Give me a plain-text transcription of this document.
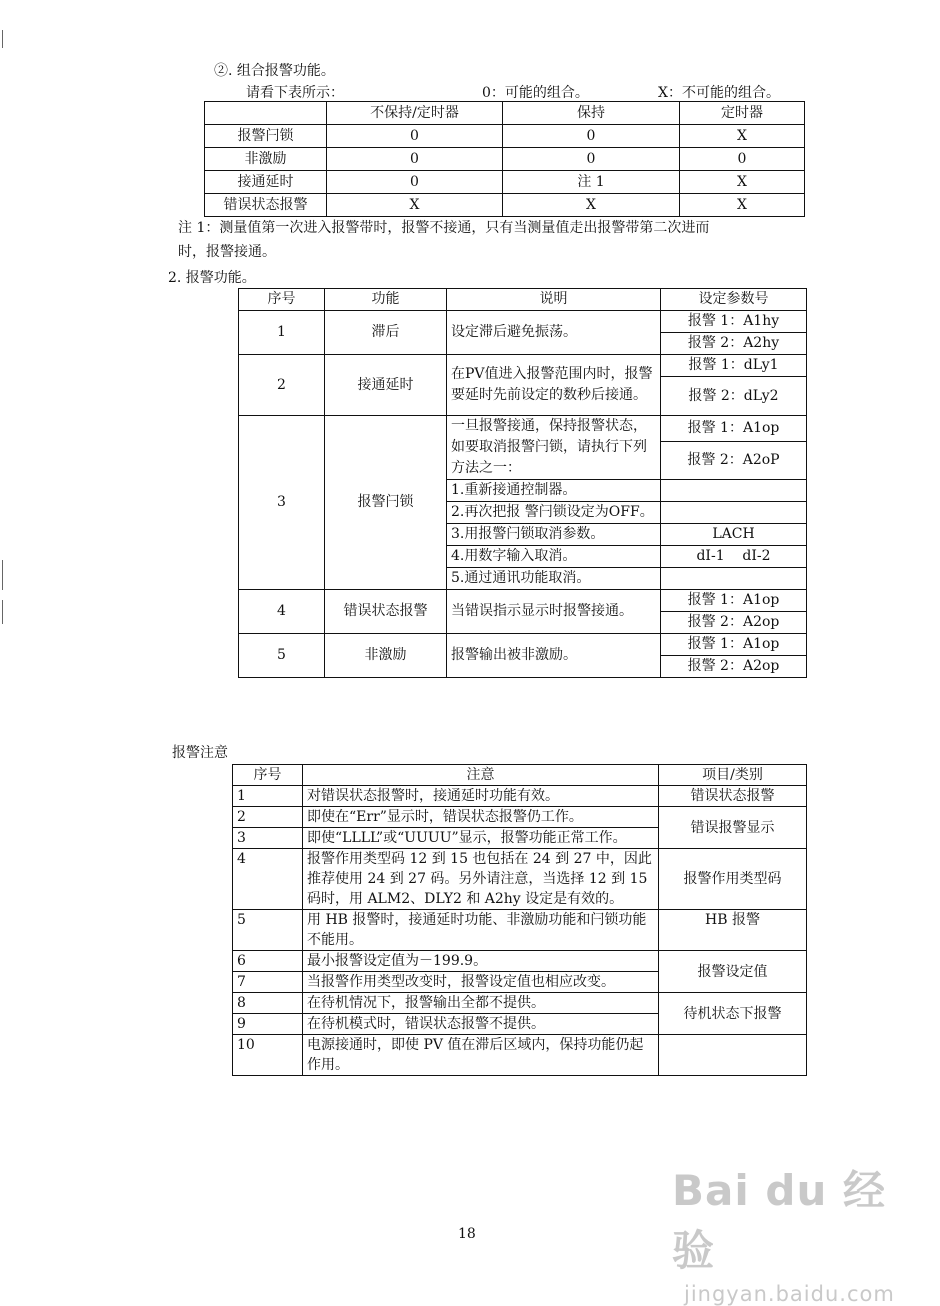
②. 组合报警功能。
请看下表所示：	0：可能的组合。	X：不可能的组合。
	不保持/定时器	保持	定时器
报警闩锁	0	0	X
非激励	0	0	0
接通延时	0	注 1	X
错误状态报警	X	X	X
注 1：测量值第一次进入报警带时，报警不接通，只有当测量值走出报警带第二次进而
时，报警接通。
2. 报警功能。
序号	功能	说明	设定参数号
1	滞后	设定滞后避免振荡。	报警 1：A1hy
			报警 2：A2hy
2	接通延时	在PV值进入报警范围内时，报警要延时先前设定的数秒后接通。	报警 1：dLy1
			报警 2：dLy2
3	报警闩锁	一旦报警接通，保持报警状态，如要取消报警闩锁，请执行下列方法之一：	报警 1：A1op
			报警 2：A2oP
		1.重新接通控制器。	
		2.再次把报 警闩锁设定为OFF。	
		3.用报警闩锁取消参数。	LACH
		4.用数字输入取消。	dI-1    dI-2
		5.通过通讯功能取消。	
4	错误状态报警	当错误指示显示时报警接通。	报警 1：A1op
			报警 2：A2op
5	非激励	报警输出被非激励。	报警 1：A1op
			报警 2：A2op
报警注意
序号	注意	项目/类别
1	对错误状态报警时，接通延时功能有效。	错误状态报警
2	即使在“Err”显示时，错误状态报警仍工作。	错误报警显示
3	即使“LLLL”或“UUUU”显示，报警功能正常工作。	
4	报警作用类型码 12 到 15 也包括在 24 到 27 中，因此推荐使用 24 到 27 码。另外请注意，当选择 12 到 15 码时，用 ALM2、DLY2 和 A2hy 设定是有效的。	报警作用类型码
5	用 HB 报警时，接通延时功能、非激励功能和闩锁功能不能用。	HB 报警
6	最小报警设定值为－199.9。	报警设定值
7	当报警作用类型改变时，报警设定值也相应改变。	
8	在待机情况下，报警输出全都不提供。	待机状态下报警
9	在待机模式时，错误状态报警不提供。	
10	电源接通时，即使 PV 值在滞后区域内，保持功能仍起作用。	
18
Bai du 经验
jingyan.baidu.com
